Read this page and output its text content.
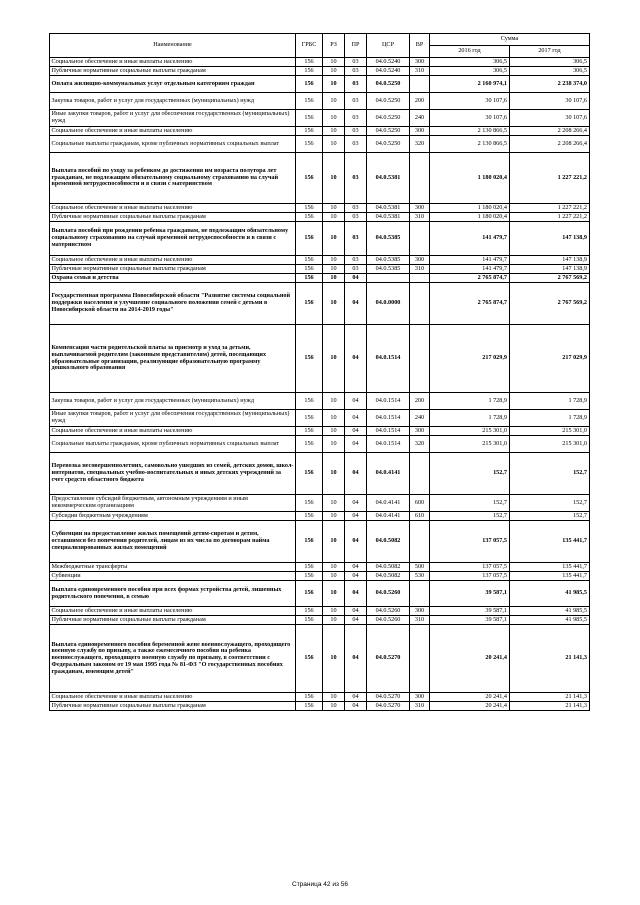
Наименование	ГРБС	РЗ	ПР	ЦСР	ВР	Сумма	
						2016 год	2017 год
Социальное обеспечение и иные выплаты населению	156	10	03	04.0.5240	300	306,5	306,5
Публичные нормативные социальные выплаты гражданам	156	10	03	04.0.5240	310	306,5	306,5
Оплата жилищно-коммунальных услуг отдельным категориям граждан	156	10	03	04.0.5250		2 160 974,1	2 238 374,0
Закупка товаров, работ и услуг для государственных (муниципальных) нужд	156	10	03	04.0.5250	200	30 107,6	30 107,6
Иные закупки товаров, работ и услуг для обеспечения государственных (муниципальных) нужд	156	10	03	04.0.5250	240	30 107,6	30 107,6
Социальное обеспечение и иные выплаты населению	156	10	03	04.0.5250	300	2 130 866,5	2 208 266,4
Социальные выплаты гражданам, кроме публичных нормативных социальных выплат	156	10	03	04.0.5250	320	2 130 866,5	2 208 266,4
Выплата пособий по уходу за ребенком до достижения им возраста полутора лет гражданам, не подлежащим обязательному социальному страхованию на случай временной нетрудоспособности и в связи с материнством	156	10	03	04.0.5381		1 180 020,4	1 227 221,2
Социальное обеспечение и иные выплаты населению	156	10	03	04.0.5381	300	1 180 020,4	1 227 221,2
Публичные нормативные социальные выплаты гражданам	156	10	03	04.0.5381	310	1 180 020,4	1 227 221,2
Выплата пособий при рождении ребенка гражданам, не подлежащим обязательному социальному страхованию на случай временной нетрудоспособности и в связи с материнством	156	10	03	04.0.5385		141 479,7	147 138,9
Социальное обеспечение и иные выплаты населению	156	10	03	04.0.5385	300	141 479,7	147 138,9
Публичные нормативные социальные выплаты гражданам	156	10	03	04.0.5385	310	141 479,7	147 138,9
Охрана семьи и детства	156	10	04			2 765 874,7	2 767 569,2
Государственная программа Новосибирской области "Развитие системы социальной поддержки населения и улучшение социального положения семей с детьми в Новосибирской области на 2014-2019 годы"	156	10	04	04.0.0000		2 765 874,7	2 767 569,2
Компенсация части родительской платы за присмотр и уход за детьми, выплачиваемой родителям (законным представителям) детей, посещающих образовательные организации, реализующие образовательную программу дошкольного образования	156	10	04	04.0.1514		217 029,9	217 029,9
Закупка товаров, работ и услуг для государственных (муниципальных) нужд	156	10	04	04.0.1514	200	1 728,9	1 728,9
Иные закупки товаров, работ и услуг для обеспечения государственных (муниципальных) нужд	156	10	04	04.0.1514	240	1 728,9	1 728,9
Социальное обеспечение и иные выплаты населению	156	10	04	04.0.1514	300	215 301,0	215 301,0
Социальные выплаты гражданам, кроме публичных нормативных социальных выплат	156	10	04	04.0.1514	320	215 301,0	215 301,0
Перевозка несовершеннолетних, самовольно ушедших из семей, детских домов, школ-интернатов, специальных учебно-воспитательных и иных детских учреждений за счет средств областного бюджета	156	10	04	04.0.4141		152,7	152,7
Предоставление субсидий бюджетным, автономным учреждениям и иным некоммерческим организациям	156	10	04	04.0.4141	600	152,7	152,7
Субсидии бюджетным учреждениям	156	10	04	04.0.4141	610	152,7	152,7
Субвенции на предоставление жилых помещений детям-сиротам и детям, оставшимся без попечения родителей, лицам из их числа по договорам найма специализированных жилых помещений	156	10	04	04.0.5082		137 057,5	135 441,7
Межбюджетные трансферты	156	10	04	04.0.5082	500	137 057,5	135 441,7
Субвенции	156	10	04	04.0.5082	530	137 057,5	135 441,7
Выплата единовременного пособия при всех формах устройства детей, лишенных родительского попечения, в семью	156	10	04	04.0.5260		39 587,1	41 985,5
Социальное обеспечение и иные выплаты населению	156	10	04	04.0.5260	300	39 587,1	41 985,5
Публичные нормативные социальные выплаты гражданам	156	10	04	04.0.5260	310	39 587,1	41 985,5
Выплата единовременного пособия беременной жене военнослужащего, проходящего военную службу по призыву, а также ежемесячного пособия на ребенка военнослужащего, проходящего военную службу по призыву, в соответствии с Федеральным законом от 19 мая 1995 года № 81-ФЗ "О государственных пособиях гражданам, имеющим детей"	156	10	04	04.0.5270		20 241,4	21 141,3
Социальное обеспечение и иные выплаты населению	156	10	04	04.0.5270	300	20 241,4	21 141,3
Публичные нормативные социальные выплаты гражданам	156	10	04	04.0.5270	310	20 241,4	21 141,3
Страница 42 из 56
